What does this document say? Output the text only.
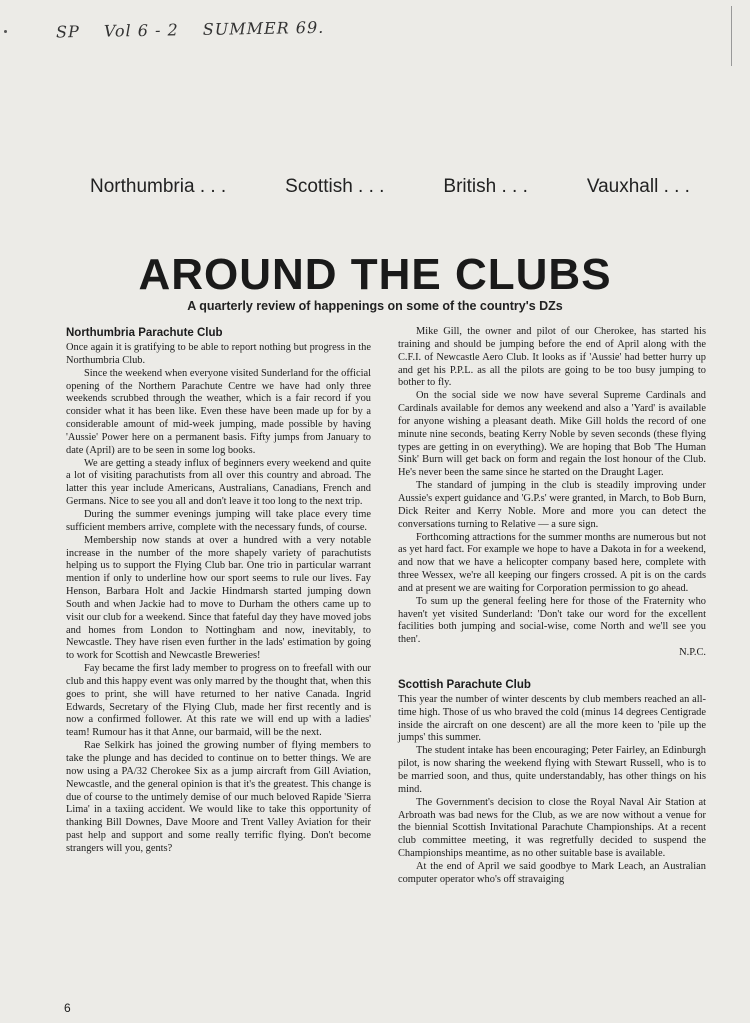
SP Vol 6 - 2 SUMMER 69.
Northumbria . . .	Scottish . . .	British . . .	Vauxhall . . .
AROUND THE CLUBS
A quarterly review of happenings on some of the country's DZs
Northumbria Parachute Club

Once again it is gratifying to be able to report nothing but progress in the Northumbria Club.

Since the weekend when everyone visited Sunderland for the official opening of the Northern Parachute Centre we have had only three weekends scrubbed through the weather, which is a fair record if you consider what it has been like. Even these have been made up for by a considerable amount of mid-week jumping, made possible by having 'Aussie' Power here on a permanent basis. Fifty jumps from January to date (April) are to be seen in some log books.

We are getting a steady influx of beginners every weekend and quite a lot of visiting parachutists from all over this country and abroad. The latter this year include Americans, Australians, Canadians, French and Germans. Nice to see you all and don't leave it too long to the next trip.

During the summer evenings jumping will take place every time sufficient members arrive, complete with the necessary funds, of course.

Membership now stands at over a hundred with a very notable increase in the number of the more shapely variety of parachutists helping us to support the Flying Club bar. One trio in particular warrant mention if only to underline how our sport seems to rule our lives. Fay Henson, Barbara Holt and Jackie Hindmarsh started jumping down South and when Jackie had to move to Durham the others came up to visit our club for a weekend. Since that fateful day they have moved jobs and homes from London to Nottingham and now, inevitably, to Newcastle. They have risen even further in the lads' estimation by going to work for Scottish and Newcastle Breweries!

Fay became the first lady member to progress on to freefall with our club and this happy event was only marred by the thought that, when this goes to print, she will have returned to her native Canada. Ingrid Edwards, Secretary of the Flying Club, made her first recently and is now a confirmed follower. At this rate we will end up with a ladies' team! Rumour has it that Anne, our barmaid, will be the next.

Rae Selkirk has joined the growing number of flying members to take the plunge and has decided to continue on to better things. We are now using a PA/32 Cherokee Six as a jump aircraft from Gill Aviation, Newcastle, and the general opinion is that it's the greatest. This change is due of course to the untimely demise of our much beloved Rapide 'Sierra Lima' in a taxiing accident. We would like to take this opportunity of thanking Bill Downes, Dave Moore and Trent Valley Aviation for their past help and support and some really terrific flying. Don't become strangers will you, gents?

Mike Gill, the owner and pilot of our Cherokee, has started his training and should be jumping before the end of April along with the C.F.I. of Newcastle Aero Club. It looks as if 'Aussie' had better hurry up and get his P.P.L. as all the pilots are going to be too busy jumping to bother to fly.

On the social side we now have several Supreme Cardinals and Cardinals available for demos any weekend and also a 'Yard' is available for anyone wishing a pleasant death. Mike Gill holds the record of one minute nine seconds, beating Kerry Noble by seven seconds (these flying types are getting in on everything). We are hoping that Bob 'The Human Sink' Burn will get back on form and regain the lost honour of the Club. He's never been the same since he started on the Draught Lager.

The standard of jumping in the club is steadily improving under Aussie's expert guidance and 'G.P.s' were granted, in March, to Bob Burn, Dick Reiter and Kerry Noble. More and more you can detect the conversations turning to Relative — a sure sign.

Forthcoming attractions for the summer months are numerous but not as yet hard fact. For example we hope to have a Dakota in for a weekend, and now that we have a helicopter company based here, complete with three Wessex, we're all keeping our fingers crossed. A pit is on the cards and at present we are waiting for Corporation permission to go ahead.

To sum up the general feeling here for those of the Fraternity who haven't yet visited Sunderland: 'Don't take our word for the excellent facilities both jumping and social-wise, come North and we'll see you then'.

N.P.C.

Scottish Parachute Club

This year the number of winter descents by club members reached an all-time high. Those of us who braved the cold (minus 14 degrees Centigrade inside the aircraft on one descent) are all the more keen to 'pile up the jumps' this summer.

The student intake has been encouraging; Peter Fairley, an Edinburgh pilot, is now sharing the weekend flying with Stewart Russell, who is to be married soon, and thus, quite understandably, has other things on his mind.

The Government's decision to close the Royal Naval Air Station at Arbroath was bad news for the Club, as we are now without a venue for the biennial Scottish Invitational Parachute Championships. At a recent club committee meeting, it was regretfully decided to suspend the Championships meantime, as no other suitable base is available.

At the end of April we said goodbye to Mark Leach, an Australian computer operator who's off stravaiging

6
